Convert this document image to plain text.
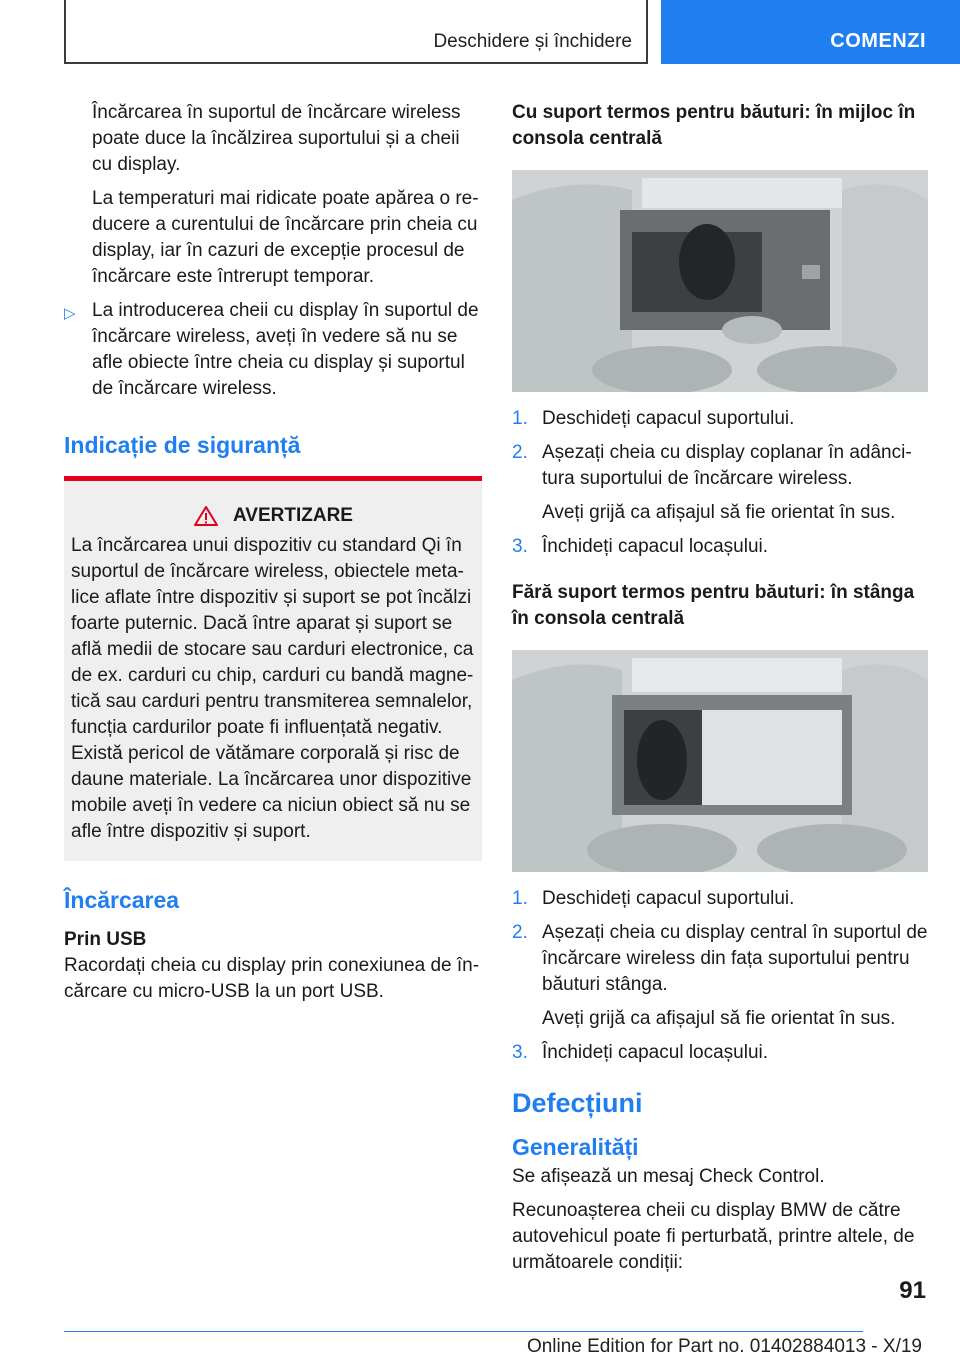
Deschidere și închidere	COMENZI

Încărcarea în suportul de încărcare wireless poate duce la încălzirea suportului și a cheii cu display.

La temperaturi mai ridicate poate apărea o re‐ducere a curentului de încărcare prin cheia cu display, iar în cazuri de excepție procesul de încărcare este întrerupt temporar.

▷ La introducerea cheii cu display în suportul de încărcare wireless, aveți în vedere să nu se afle obiecte între cheia cu display și suportul de încărcare wireless.
Indicație de siguranță
AVERTIZARE

La încărcarea unui dispozitiv cu standard Qi în suportul de încărcare wireless, obiectele meta‐lice aflate între dispozitiv și suport se pot încălzi foarte puternic. Dacă între aparat și suport se află medii de stocare sau carduri electronice, ca de ex. carduri cu chip, carduri cu bandă magne‐tică sau carduri pentru transmiterea semnalelor, funcția cardurilor poate fi influențată negativ. Există pericol de vătămare corporală și risc de daune materiale. La încărcarea unor dispozitive mobile aveți în vedere ca niciun obiect să nu se afle între dispozitiv și suport.

Încărcarea
Prin USB

Racordați cheia cu display prin conexiunea de în‐cărcare cu micro-USB la un port USB.

Cu suport termos pentru băuturi: în mijloc în consola centrală
1. Deschideți capacul suportului.
2. Așezați cheia cu display coplanar în adânci‐tura suportului de încărcare wireless.

Aveți grijă ca afișajul să fie orientat în sus.

3. Închideți capacul locașului.
Fără suport termos pentru băuturi: în stânga în consola centrală
1. Deschideți capacul suportului.
2. Așezați cheia cu display central în suportul de încărcare wireless din fața suportului pentru băuturi stânga.

Aveți grijă ca afișajul să fie orientat în sus.

3. Închideți capacul locașului.
Defecțiuni
Generalități

Se afișează un mesaj Check Control.

Recunoașterea cheii cu display BMW de către autovehicul poate fi perturbată, printre altele, de următoarele condiții:

91
Online Edition for Part no. 01402884013 - X/19
